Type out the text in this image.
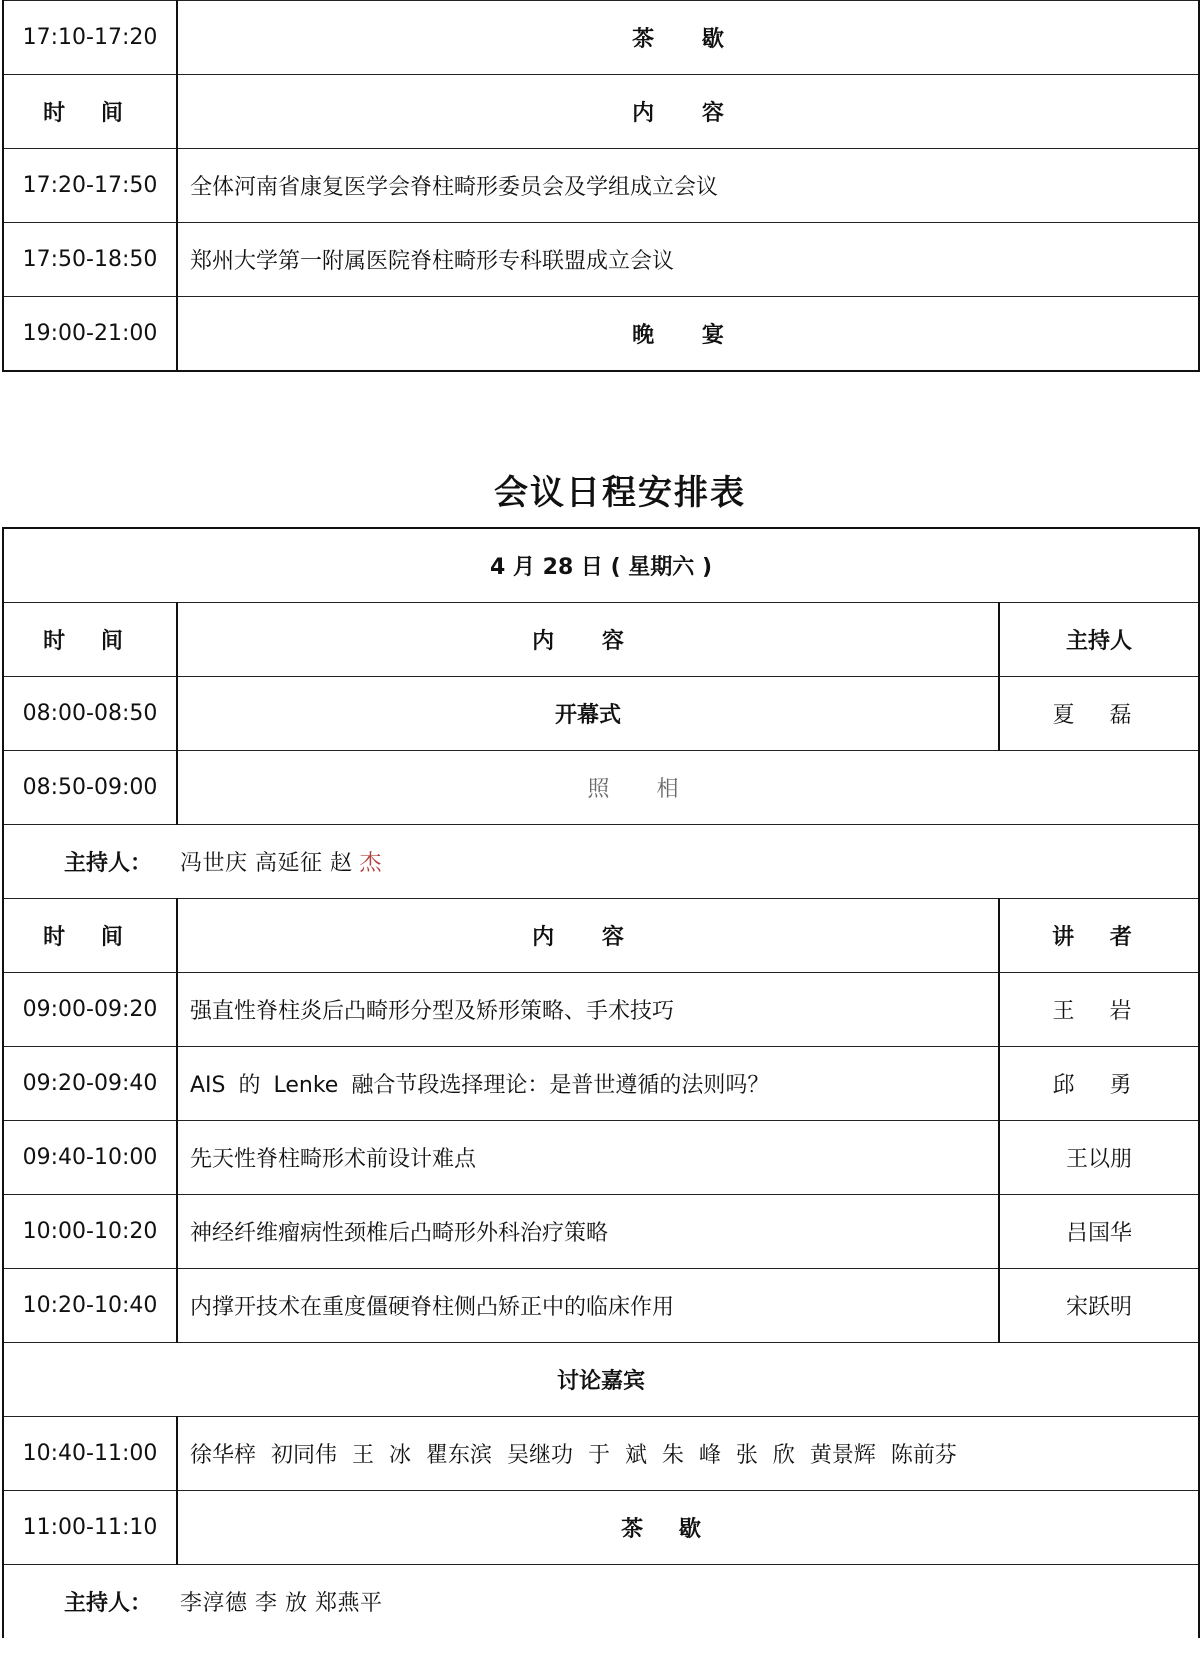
17:10-17:20	茶 歇
时 间	内 容
17:20-17:50	全体河南省康复医学会脊柱畸形委员会及学组成立会议
17:50-18:50	郑州大学第一附属医院脊柱畸形专科联盟成立会议
19:00-21:00	晚 宴
会议日程安排表
4 月 28 日 ( 星期六 )		
时 间	内 容	主持人
08:00-08:50	开幕式	夏 磊
08:50-09:00	照 相	
主持人： 冯世庆 高延征 赵 杰		
时 间	内 容	讲 者
09:00-09:20	强直性脊柱炎后凸畸形分型及矫形策略、手术技巧	王 岩
09:20-09:40	AIS 的 Lenke 融合节段选择理论：是普世遵循的法则吗？	邱 勇
09:40-10:00	先天性脊柱畸形术前设计难点	王以朋
10:00-10:20	神经纤维瘤病性颈椎后凸畸形外科治疗策略	吕国华
10:20-10:40	内撑开技术在重度僵硬脊柱侧凸矫正中的临床作用	宋跃明
讨论嘉宾		
10:40-11:00	徐华梓 初同伟 王 冰 瞿东滨 吴继功 于 斌 朱 峰 张 欣 黄景辉 陈前芬	
11:00-11:10	茶 歇	
主持人： 李淳德 李 放 郑燕平		
